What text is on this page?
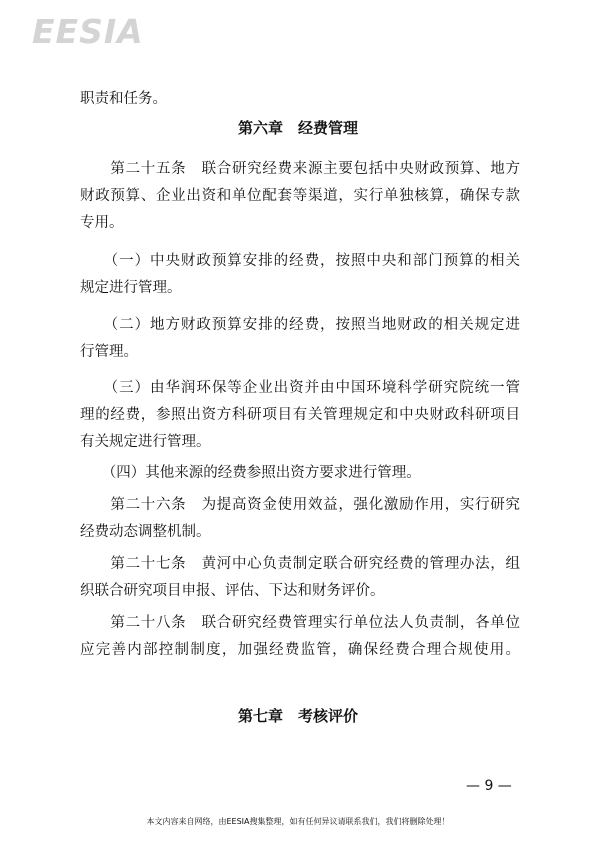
EESIA
职责和任务。
第六章　经费管理
　　第二十五条　联合研究经费来源主要包括中央财政预算、地方
财政预算、企业出资和单位配套等渠道，实行单独核算，确保专款
专用。
　　（一）中央财政预算安排的经费，按照中央和部门预算的相关
规定进行管理。
　　（二）地方财政预算安排的经费，按照当地财政的相关规定进
行管理。
　　（三）由华润环保等企业出资并由中国环境科学研究院统一管
理的经费，参照出资方科研项目有关管理规定和中央财政科研项目
有关规定进行管理。
　　（四）其他来源的经费参照出资方要求进行管理。
　　第二十六条　为提高资金使用效益，强化激励作用，实行研究
经费动态调整机制。
　　第二十七条　黄河中心负责制定联合研究经费的管理办法，组
织联合研究项目申报、评估、下达和财务评价。
　　第二十八条　联合研究经费管理实行单位法人负责制，各单位
应完善内部控制制度，加强经费监管，确保经费合理合规使用。
第七章　考核评价
— 9 —
本文内容来自网络，由EESIA搜集整理，如有任何异议请联系我们，我们将删除处理！
